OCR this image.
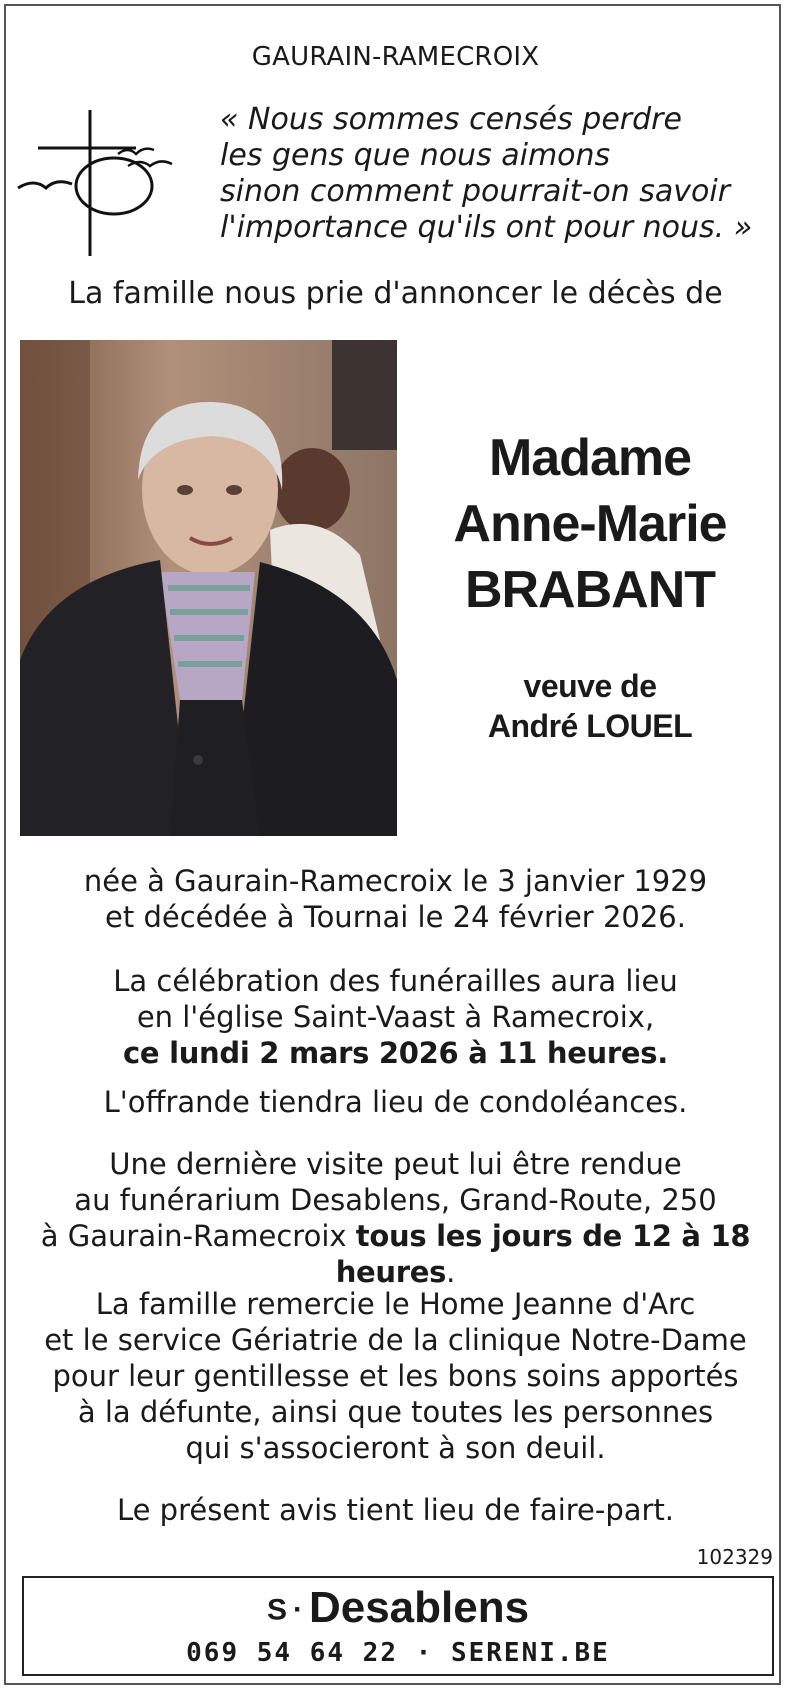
GAURAIN-RAMECROIX
« Nous sommes censés perdre
les gens que nous aimons
sinon comment pourrait-on savoir
l'importance qu'ils ont pour nous. »
La famille nous prie d'annoncer le décès de
Madame
Anne-Marie
BRABANT
veuve de
André LOUEL
née à Gaurain-Ramecroix le 3 janvier 1929
et décédée à Tournai le 24 février 2026.
La célébration des funérailles aura lieu
en l'église Saint-Vaast à Ramecroix,
ce lundi 2 mars 2026 à 11 heures.
L'offrande tiendra lieu de condoléances.
Une dernière visite peut lui être rendue
au funérarium Desablens, Grand-Route, 250
à Gaurain-Ramecroix tous les jours de 12 à 18 heures.
La famille remercie le Home Jeanne d'Arc
et le service Gériatrie de la clinique Notre-Dame
pour leur gentillesse et les bons soins apportés
à la défunte, ainsi que toutes les personnes
qui s'associeront à son deuil.
Le présent avis tient lieu de faire-part.
102329
S · Desablens
069 54 64 22 · SERENI.BE
